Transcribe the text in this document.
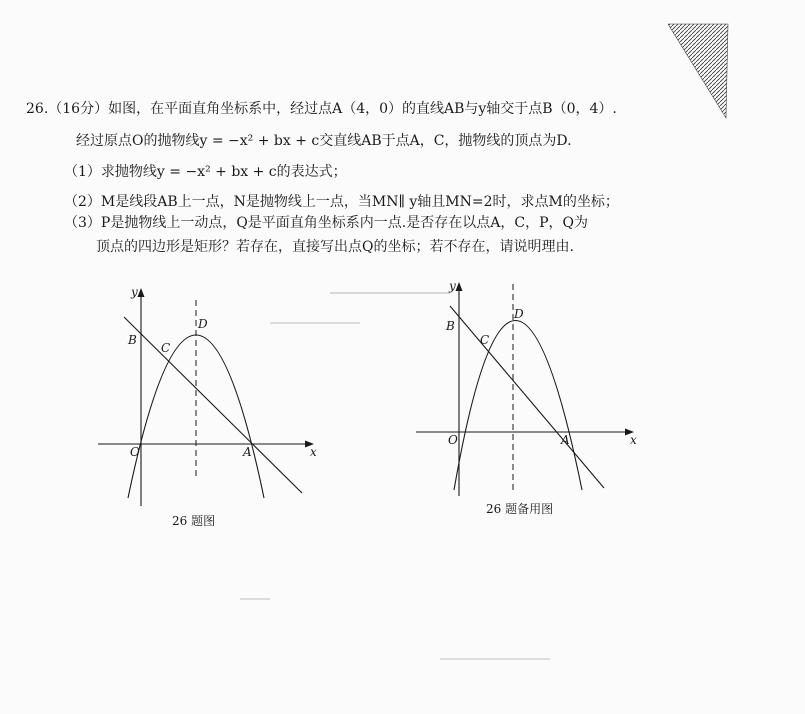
26.（16分）如图，在平面直角坐标系中，经过点A（4，0）的直线AB与y轴交于点B（0，4）.
经过原点O的抛物线y = −x² + bx + c交直线AB于点A，C，抛物线的顶点为D.
（1）求抛物线y = −x² + bx + c的表达式；
（2）M是线段AB上一点，N是抛物线上一点，当MN∥ y轴且MN=2时，求点M的坐标；
（3）P是抛物线上一动点，Q是平面直角坐标系内一点.是否存在以点A，C，P，Q为
顶点的四边形是矩形？若存在，直接写出点Q的坐标；若不存在，请说明理由.
y
x
O	A
B
C
D
26 题图
y
x
O	A
B
C
D
26 题备用图
